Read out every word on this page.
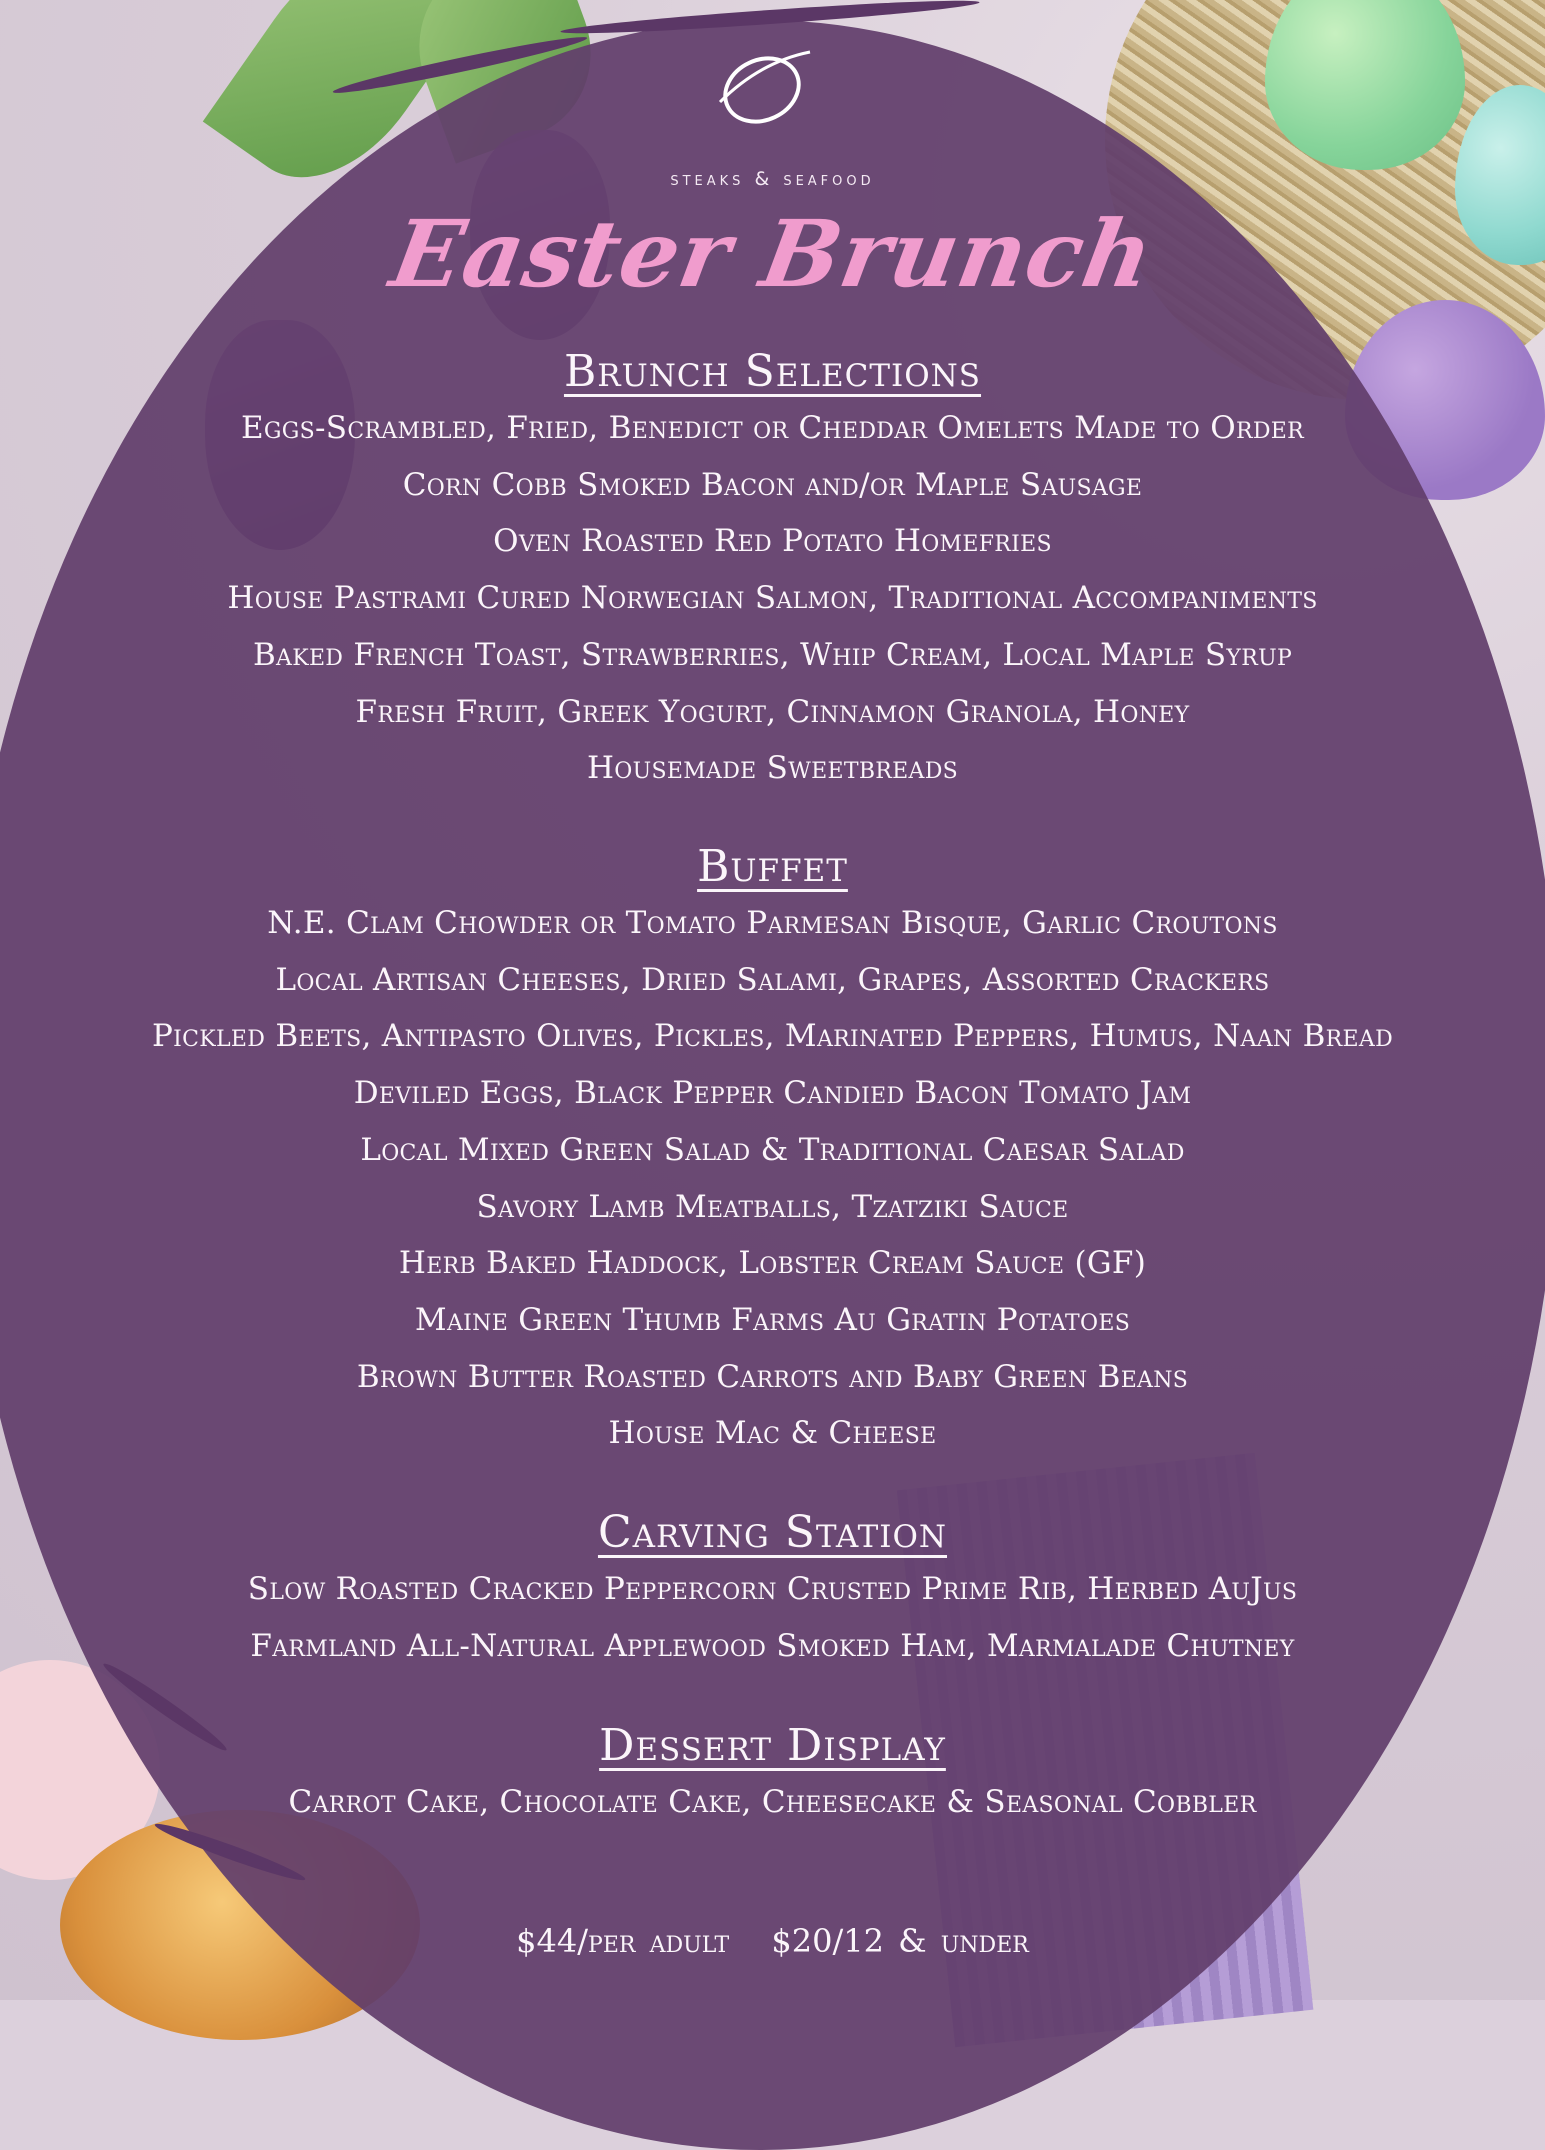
O
steaks & seafood
Easter Brunch

Brunch Selections

Eggs-Scrambled, Fried, Benedict or Cheddar Omelets Made to Order

Corn Cobb Smoked Bacon and/or Maple Sausage

Oven Roasted Red Potato Homefries

House Pastrami Cured Norwegian Salmon, Traditional Accompaniments

Baked French Toast, Strawberries, Whip Cream, Local Maple Syrup

Fresh Fruit, Greek Yogurt, Cinnamon Granola, Honey

Housemade Sweetbreads

Buffet

N.E. Clam Chowder or Tomato Parmesan Bisque, Garlic Croutons

Local Artisan Cheeses, Dried Salami, Grapes, Assorted Crackers

Pickled Beets, Antipasto Olives, Pickles, Marinated Peppers, Humus, Naan Bread

Deviled Eggs, Black Pepper Candied Bacon Tomato Jam

Local Mixed Green Salad & Traditional Caesar Salad

Savory Lamb Meatballs, Tzatziki Sauce

Herb Baked Haddock, Lobster Cream Sauce (GF)

Maine Green Thumb Farms Au Gratin Potatoes

Brown Butter Roasted Carrots and Baby Green Beans

House Mac & Cheese

Carving Station

Slow Roasted Cracked Peppercorn Crusted Prime Rib, Herbed AuJus

Farmland All-Natural Applewood Smoked Ham, Marmalade Chutney

Dessert Display

Carrot Cake, Chocolate Cake, Cheesecake & Seasonal Cobbler

$44/per adult $20/12 & under
